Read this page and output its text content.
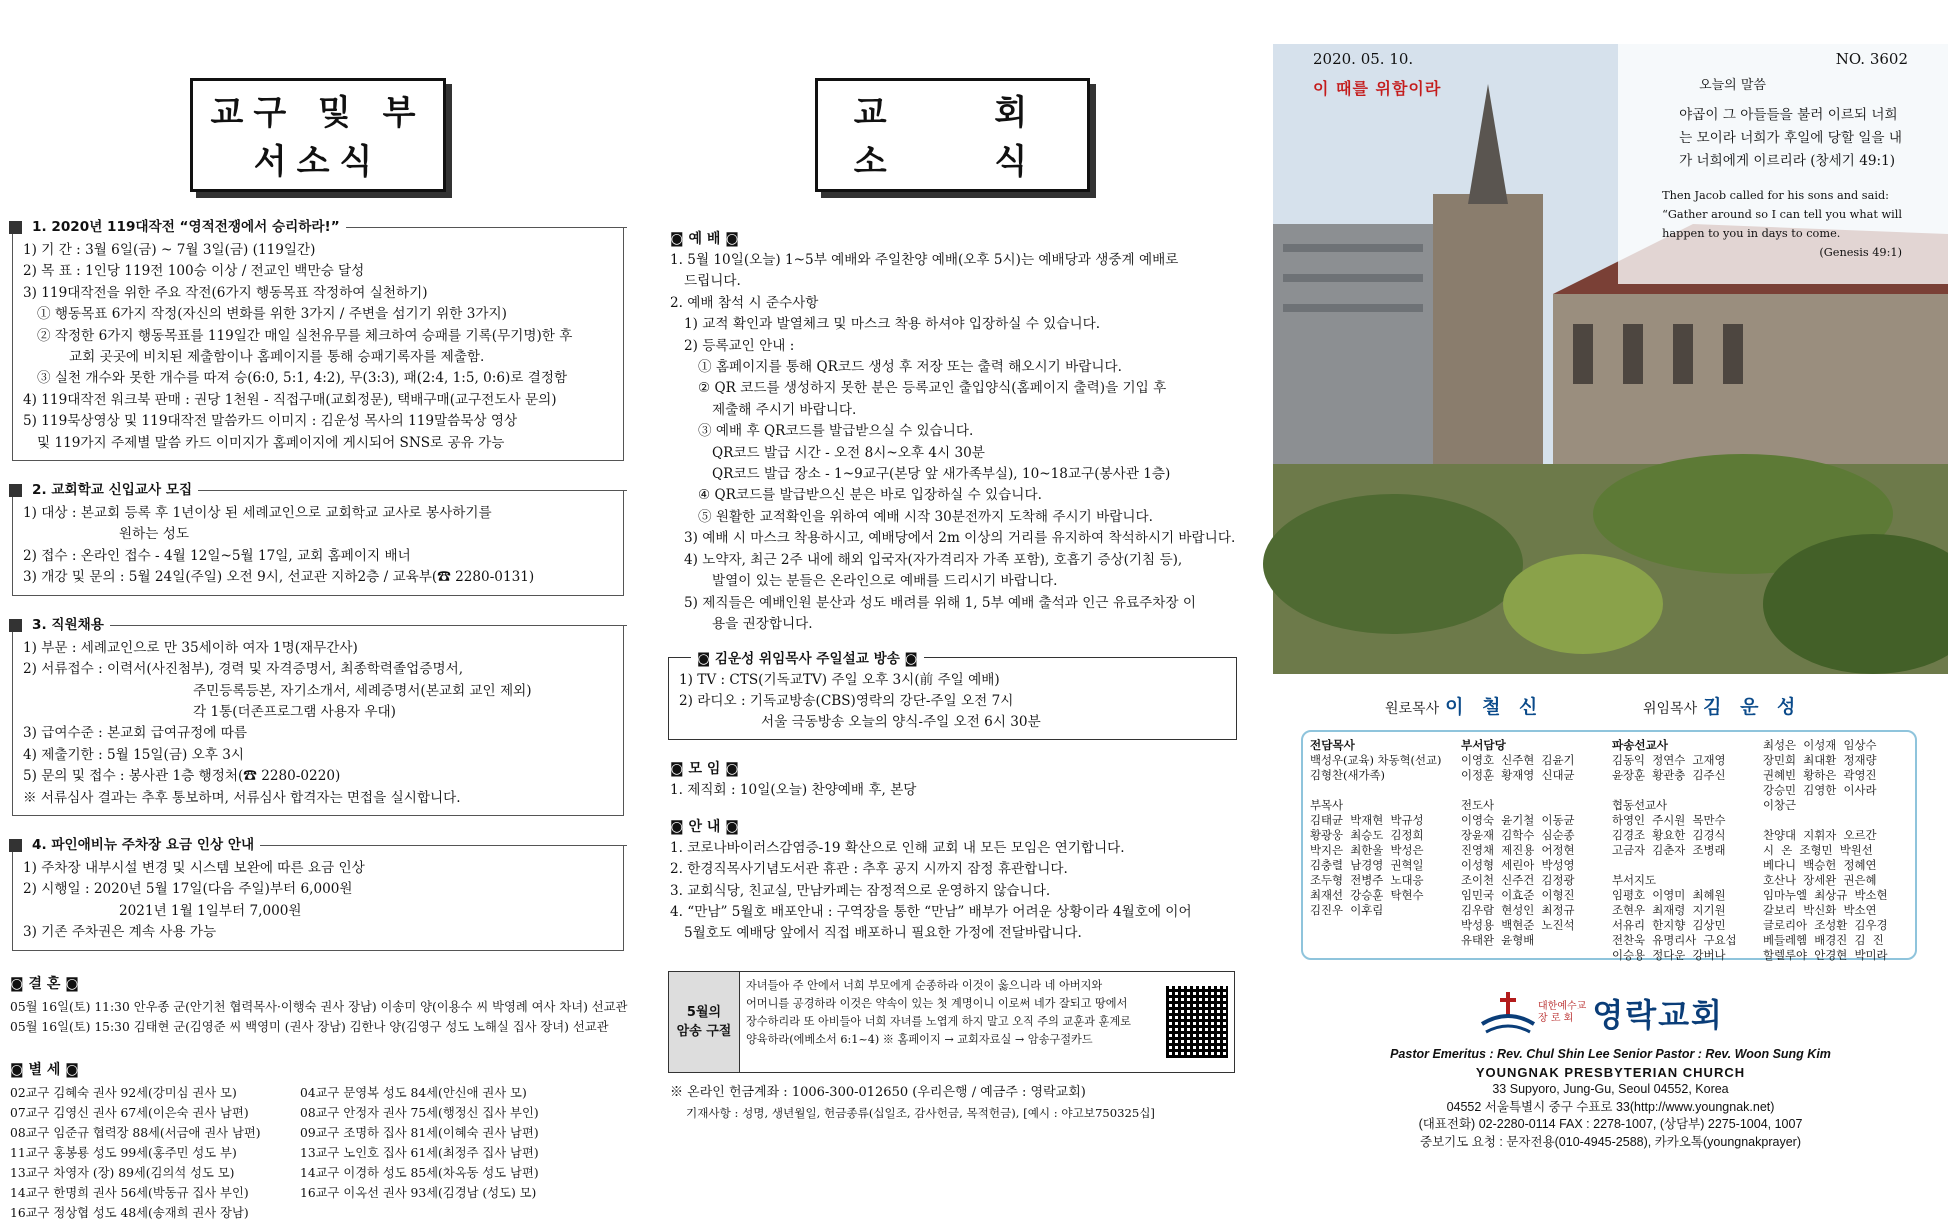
교구 및 부서소식
1. 2020년 119대작전 “영적전쟁에서 승리하라!”

1) 기 간 : 3월 6일(금) ~ 7월 3일(금) (119일간)

2) 목 표 : 1인당 119전 100승 이상 / 전교인 백만승 달성

3) 119대작전을 위한 주요 작전(6가지 행동목표 작정하여 실천하기)

① 행동목표 6가지 작정(자신의 변화를 위한 3가지 / 주변을 섬기기 위한 3가지)

② 작정한 6가지 행동목표를 119일간 매일 실천유무를 체크하여 승패를 기록(무기명)한 후

교회 곳곳에 비치된 제출함이나 홈페이지를 통해 승패기록자를 제출함.

③ 실천 개수와 못한 개수를 따져 승(6:0, 5:1, 4:2), 무(3:3), 패(2:4, 1:5, 0:6)로 결정함

4) 119대작전 워크북 판매 : 권당 1천원 - 직접구매(교회정문), 택배구매(교구전도사 문의)

5) 119묵상영상 및 119대작전 말씀카드 이미지 : 김운성 목사의 119말씀묵상 영상

및 119가지 주제별 말씀 카드 이미지가 홈페이지에 게시되어 SNS로 공유 가능

2. 교회학교 신입교사 모집

1) 대상 : 본교회 등록 후 1년이상 된 세례교인으로 교회학교 교사로 봉사하기를

원하는 성도

2) 접수 : 온라인 접수 - 4월 12일~5월 17일, 교회 홈페이지 배너

3) 개강 및 문의 : 5월 24일(주일) 오전 9시, 선교관 지하2층 / 교육부(☎ 2280-0131)

3. 직원채용

1) 부문 : 세례교인으로 만 35세이하 여자 1명(재무간사)

2) 서류접수 : 이력서(사진첨부), 경력 및 자격증명서, 최종학력졸업증명서,

주민등록등본, 자기소개서, 세례증명서(본교회 교인 제외)

각 1통(더존프로그램 사용자 우대)

3) 급여수준 : 본교회 급여규정에 따름

4) 제출기한 : 5월 15일(금) 오후 3시

5) 문의 및 접수 : 봉사관 1층 행정처(☎ 2280-0220)

※ 서류심사 결과는 추후 통보하며, 서류심사 합격자는 면접을 실시합니다.

4. 파인애비뉴 주차장 요금 인상 안내

1) 주차장 내부시설 변경 및 시스템 보완에 따른 요금 인상

2) 시행일 : 2020년 5월 17일(다음 주일)부터 6,000원

2021년 1월 1일부터 7,000원

3) 기존 주차권은 계속 사용 가능

◙ 결 혼 ◙
05월 16일(토) 11:30 안우종 군(안기천 협력목사·이행숙 권사 장남) 이송미 양(이용수 씨 박영례 여사 차녀) 선교관
05월 16일(토) 15:30 김태현 군(김영준 씨 백영미 (권사 장남) 김한나 양(김영구 성도 노해실 집사 장녀) 선교관
◙ 별 세 ◙
02교구 김혜숙 권사 92세(강미심 권사 모)	04교구 문영복 성도 84세(안신애 권사 모)
07교구 김영신 권사 67세(이은숙 권사 남편)	08교구 안정자 권사 75세(행정신 집사 부인)
08교구 임준규 협력장 88세(서금애 권사 남편)	09교구 조명하 집사 81세(이혜숙 권사 남편)
11교구 홍봉룡 성도 99세(홍주민 성도 부)	13교구 노인호 집사 61세(최정주 집사 남편)
13교구 차영자 (장) 89세(김의석 성도 모)	14교구 이경하 성도 85세(차옥동 성도 남편)
14교구 한명희 권사 56세(박동규 집사 부인)	16교구 이옥선 권사 93세(김경남 (성도) 모)
16교구 정상협 성도 48세(송재희 권사 장남)
교 회 소 식
◙ 예 배 ◙
1. 5월 10일(오늘) 1~5부 예배와 주일찬양 예배(오후 5시)는 예배당과 생중계 예배로
드립니다.
2. 예배 참석 시 준수사항
1) 교적 확인과 발열체크 및 마스크 착용 하셔야 입장하실 수 있습니다.
2) 등록교인 안내 :
① 홈페이지를 통해 QR코드 생성 후 저장 또는 출력 해오시기 바랍니다.
② QR 코드를 생성하지 못한 분은 등록교인 출입양식(홈페이지 출력)을 기입 후
제출해 주시기 바랍니다.
③ 예배 후 QR코드를 발급받으실 수 있습니다.
QR코드 발급 시간 - 오전 8시~오후 4시 30분
QR코드 발급 장소 - 1~9교구(본당 앞 새가족부실), 10~18교구(봉사관 1층)
④ QR코드를 발급받으신 분은 바로 입장하실 수 있습니다.
⑤ 원활한 교적확인을 위하여 예배 시작 30분전까지 도착해 주시기 바랍니다.
3) 예배 시 마스크 착용하시고, 예배당에서 2m 이상의 거리를 유지하여 착석하시기 바랍니다.
4) 노약자, 최근 2주 내에 해외 입국자(자가격리자 가족 포함), 호흡기 증상(기침 등),
발열이 있는 분들은 온라인으로 예배를 드리시기 바랍니다.
5) 제직들은 예배인원 분산과 성도 배려를 위해 1, 5부 예배 출석과 인근 유료주차장 이
용을 권장합니다.
◙ 김운성 위임목사 주일설교 방송 ◙
1) TV : CTS(기독교TV) 주일 오후 3시(前 주일 예배)
2) 라디오 : 기독교방송(CBS)영락의 강단-주일 오전 7시
서울 극동방송 오늘의 양식-주일 오전 6시 30분
◙ 모 임 ◙
1. 제직회 : 10일(오늘) 찬양예배 후, 본당
◙ 안 내 ◙
1. 코로나바이러스감염증-19 확산으로 인해 교회 내 모든 모임은 연기합니다.
2. 한경직목사기념도서관 휴관 : 추후 공지 시까지 잠정 휴관합니다.
3. 교회식당, 친교실, 만남카페는 잠정적으로 운영하지 않습니다.
4. “만남” 5월호 배포안내 : 구역장을 통한 “만남” 배부가 어려운 상황이라 4월호에 이어
5월호도 예배당 앞에서 직접 배포하니 필요한 가정에 전달바랍니다.
5월의
암송 구절
자녀들아 주 안에서 너희 부모에게 순종하라 이것이 옳으니라 네 아버지와
어머니를 공경하라 이것은 약속이 있는 첫 계명이니 이로써 네가 잘되고 땅에서
장수하리라 또 아비들아 너희 자녀를 노엽게 하지 말고 오직 주의 교훈과 훈계로
양육하라(에베소서 6:1~4) ※ 홈페이지 → 교회자료실 → 암송구절카드
※ 온라인 헌금계좌 : 1006-300-012650 (우리은행 / 예금주 : 영락교회)
기재사항 : 성명, 생년월일, 헌금종류(십일조, 감사헌금, 목적헌금), [예시 : 야고보750325십]
2020. 05. 10.
이 때를 위함이라
NO. 3602
오늘의 말씀
야곱이 그 아들들을 불러 이르되 너희
는 모이라 너희가 후일에 당할 일을 내
가 너희에게 이르리라 (창세기 49:1)
Then Jacob called for his sons and said:
“Gather around so I can tell you what will
happen to you in days to come.
(Genesis 49:1)
원로목사 이 철 신	위임목사 김 운 성
전담목사
백성우(교육) 차동혁(선교)
김형찬(새가족)

부목사
김태균  박재현  박규성
황광웅  최승도  김정희
박지은  최한울  박성은
김충렬  남경영  권혁일
조두형  전병주  노대응
최재선  강승훈  탁현수
김진우  이후림
부서담당
이영호  신주현  김윤기
이정훈  황재영  신대균

전도사
이영숙  윤기철  이동균
장윤재  김학수  심순종
진영채  제진용  어정현
이성형  세린아  박성영
조이천  신주건  김정광
임민국  이효준  이형진
김우람  현성인  최정규
박성용  백현준  노진석
유태완  윤형배
파송선교사
김동익  정연수  고재영
윤장훈  황관충  김주신

협동선교사
하영인  주시원  목만수
김경조  황요한  김경식
고금자  김춘자  조병래

부서지도
임평호  이영미  최혜원
조현우  최재령  지기원
서유리  한지향  김상민
전찬욱  유명리사  구요섭
이승용  정다운  강버나
최성은  이성재  임상수
장민희  최대환  정재량
권혜빈  황하은  곽영진
강승민  김영한  이사라
이창근

찬양대  지휘자  오르간
시  온  조형민  박원선
베다니  백승헌  정혜연
호산나  장세완  권은혜
임마누엘  최상규  박소현
갈보리  박신화  박소연
글로리아  조성환  김우경
베들레헴  배경진  김  진
할렐루야  안경현  박미라
대한예수교
장 로 회 영락교회
Pastor Emeritus : Rev. Chul Shin Lee Senior Pastor : Rev. Woon Sung Kim
YOUNGNAK PRESBYTERIAN CHURCH
33 Supyoro, Jung-Gu, Seoul 04552, Korea
04552 서울특별시 중구 수표로 33(http://www.youngnak.net)
(대표전화) 02-2280-0114 FAX : 2278-1007, (상담부) 2275-1004, 1007
중보기도 요청 : 문자전용(010-4945-2588), 카카오톡(youngnakprayer)
